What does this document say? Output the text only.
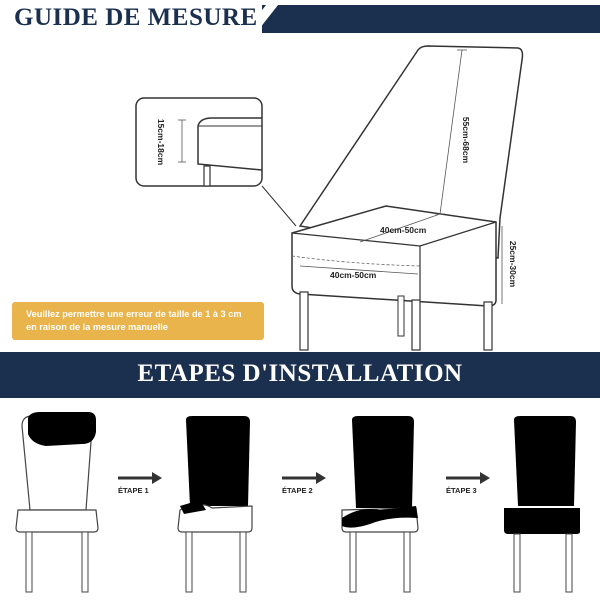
GUIDE DE MESURE
15cm-18cm	55cm-68cm
40cm-50cm
40cm-50cm	25cm-30cm
Veuillez permettre une erreur de taille de 1 à 3 cm
en raison de la mesure manuelle
ETAPES D'INSTALLATION
ÉTAPE 1	ÉTAPE 2	ÉTAPE 3
